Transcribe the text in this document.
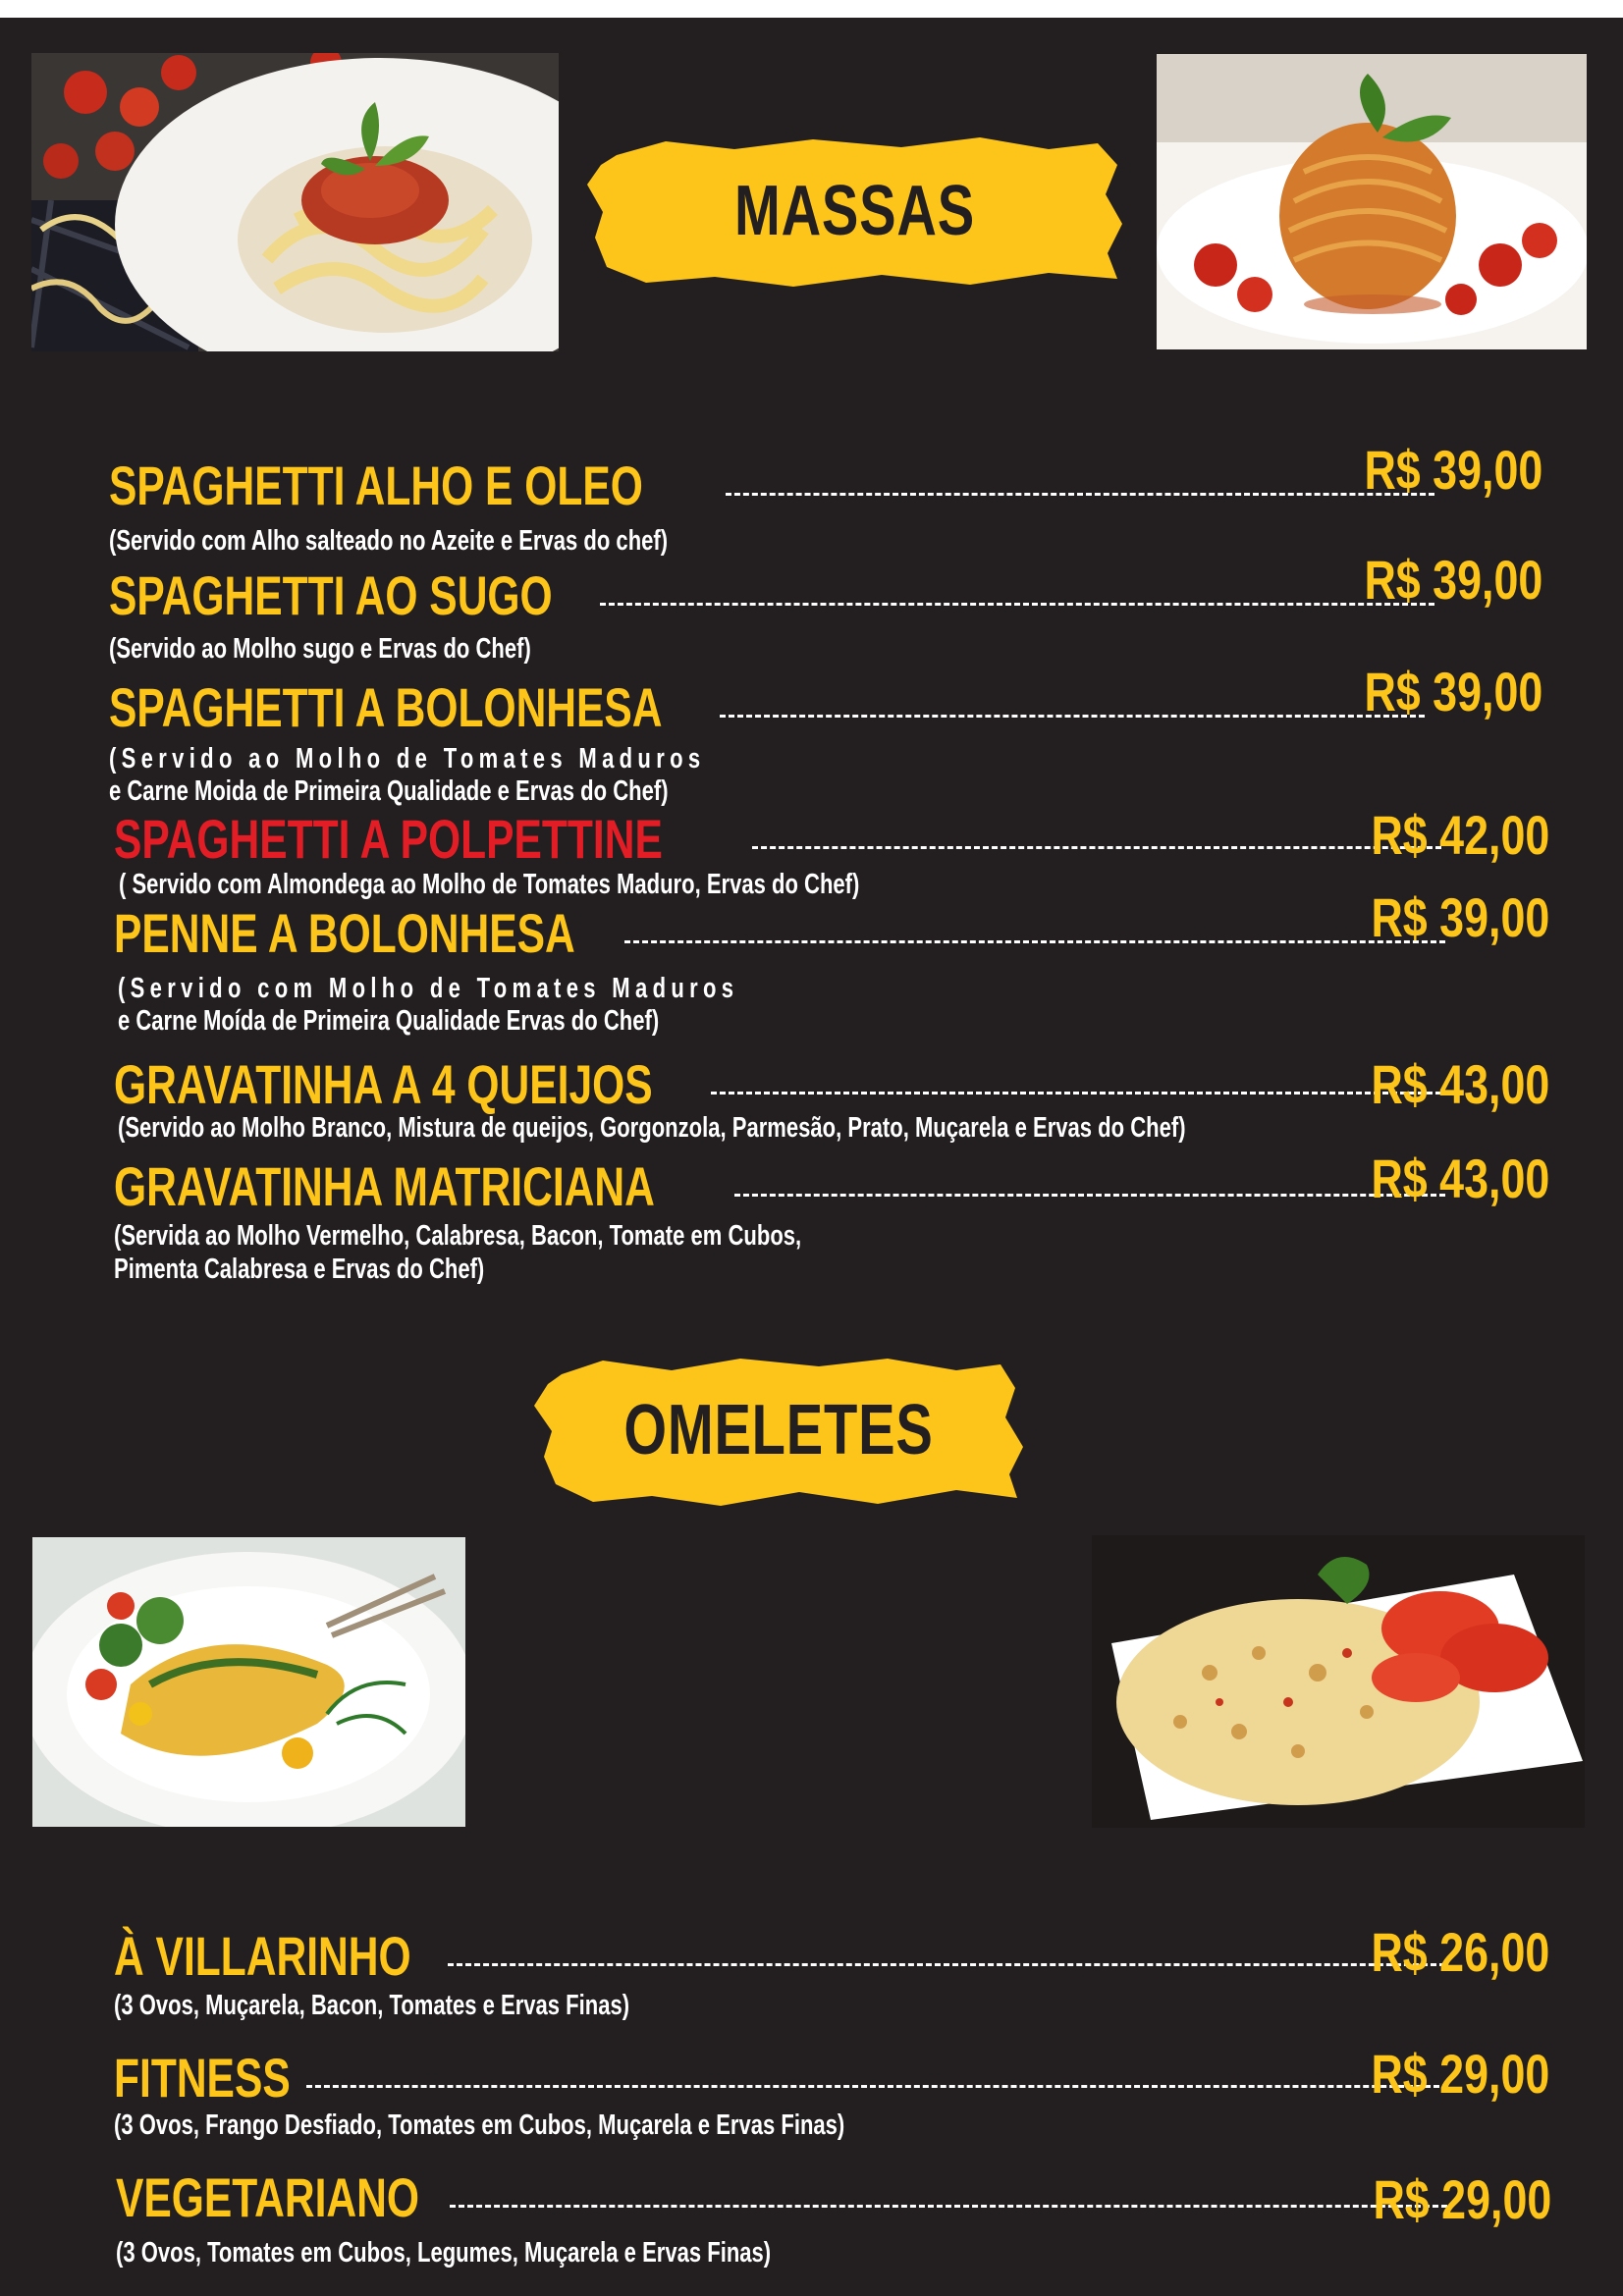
MASSAS
SPAGHETTI ALHO E OLEO	R$ 39,00
(Servido com Alho salteado no Azeite e Ervas do chef)
SPAGHETTI AO SUGO	R$ 39,00
(Servido ao Molho sugo e Ervas do Chef)
SPAGHETTI A BOLONHESA	R$ 39,00
(Servido ao Molho de Tomates Maduros
e Carne Moida de Primeira Qualidade e Ervas do Chef)
SPAGHETTI A POLPETTINE	R$ 42,00
( Servido com Almondega ao Molho de Tomates Maduro, Ervas do Chef)
PENNE A BOLONHESA	R$ 39,00
(Servido com Molho de Tomates Maduros
e Carne Moída de Primeira Qualidade Ervas do Chef)
GRAVATINHA A 4 QUEIJOS	R$ 43,00
(Servido ao Molho Branco, Mistura de queijos, Gorgonzola, Parmesão, Prato, Muçarela e Ervas do Chef)
GRAVATINHA MATRICIANA	R$ 43,00
(Servida ao Molho Vermelho, Calabresa, Bacon, Tomate em Cubos,
Pimenta Calabresa e Ervas do Chef)
OMELETES
À VILLARINHO	R$ 26,00
(3 Ovos, Muçarela, Bacon, Tomates e Ervas Finas)
FITNESS	R$ 29,00
(3 Ovos, Frango Desfiado, Tomates em Cubos, Muçarela e Ervas Finas)
VEGETARIANO	R$ 29,00
(3 Ovos, Tomates em Cubos, Legumes, Muçarela e Ervas Finas)
